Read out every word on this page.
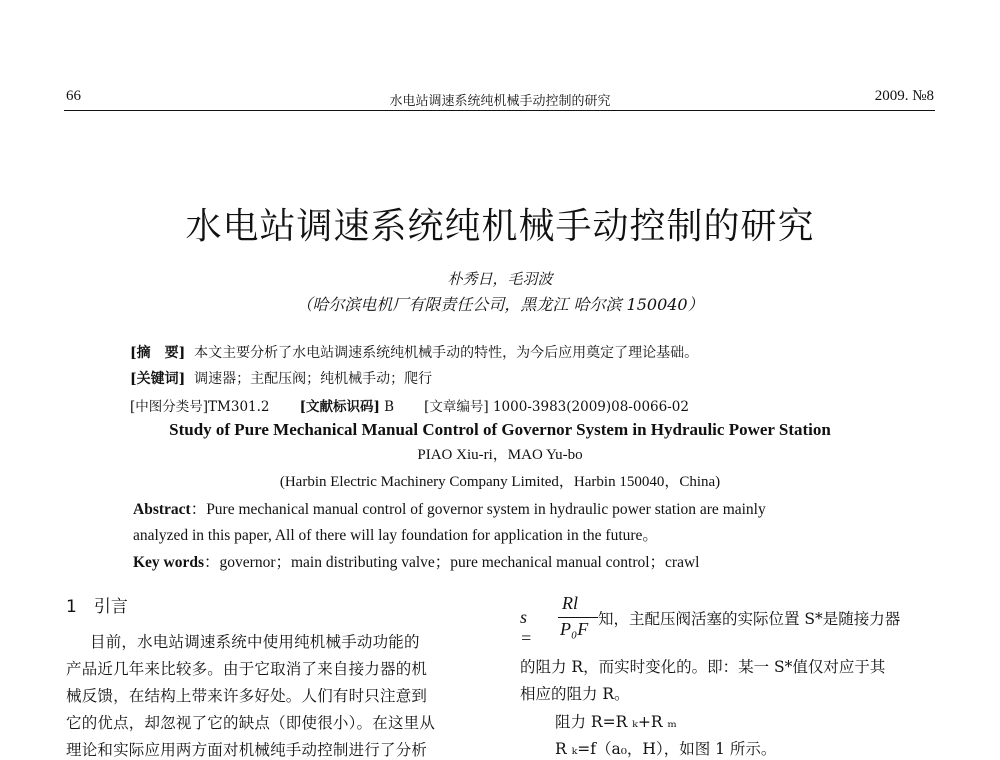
66	水电站调速系统纯机械手动控制的研究	2009. №8
水电站调速系统纯机械手动控制的研究
朴秀日，毛羽波
（哈尔滨电机厂有限责任公司，黑龙江 哈尔滨 150040）
[摘　要] 本文主要分析了水电站调速系统纯机械手动的特性，为今后应用奠定了理论基础。
[关键词] 调速器；主配压阀；纯机械手动；爬行
[中图分类号]TM301.2 [文献标识码] B [文章编号] 1000-3983(2009)08-0066-02
Study of Pure Mechanical Manual Control of Governor System in Hydraulic Power Station
PIAO Xiu-ri，MAO Yu-bo
(Harbin Electric Machinery Company Limited，Harbin 150040，China)
Abstract：Pure mechanical manual control of governor system in hydraulic power station are mainly
analyzed in this paper, All of there will lay foundation for application in the future。
Key words：governor；main distributing valve；pure mechanical manual control；crawl
1　引言
目前，水电站调速系统中使用纯机械手动功能的
产品近几年来比较多。由于它取消了来自接力器的机
械反馈，在结构上带来许多好处。人们有时只注意到
它的优点，却忽视了它的缺点（即使很小）。在这里从
理论和实际应用两方面对机械纯手动控制进行了分析
s =
Rl
P₀F 知，主配压阀活塞的实际位置 S*是随接力器
的阻力 R，而实时变化的。即：某一 S*值仅对应于其
相应的阻力 R。
阻力 R=R ₖ+R ₘ
R ₖ=f（a₀，H），如图 1 所示。
